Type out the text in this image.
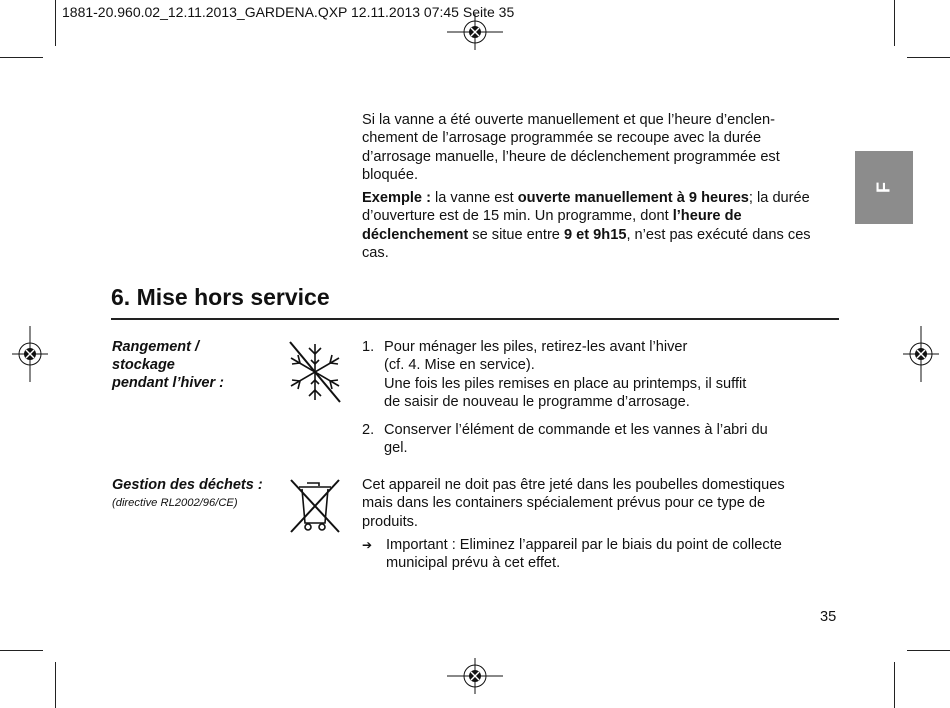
1881-20.960.02_12.11.2013_GARDENA.QXP 12.11.2013 07:45 Seite 35
F
Si la vanne a été ouverte manuellement et que l’heure d’enclen-
chement de l’arrosage programmée se recoupe avec la durée
d’arrosage manuelle, l’heure de déclenchement programmée est
bloquée.

Exemple : la vanne est ouverte manuellement à 9 heures; la durée d’ouverture est de 15 min. Un programme, dont l’heure de déclenchement se situe entre 9 et 9h15, n’est pas exécuté dans ces cas.

6. Mise hors service
Rangement /
stockage
pendant l’hiver :
1. Pour ménager les piles, retirez-les avant l’hiver
(cf. 4. Mise en service).
Une fois les piles remises en place au printemps, il suffit
de saisir de nouveau le programme d’arrosage.
2. Conserver l’élément de commande et les vannes à l’abri du
gel.
Gestion des déchets :
(directive RL2002/96/CE)
Cet appareil ne doit pas être jeté dans les poubelles domestiques
mais dans les containers spécialement prévus pour ce type de
produits.
➔ Important : Eliminez l’appareil par le biais du point de collecte
municipal prévu à cet effet.
35
